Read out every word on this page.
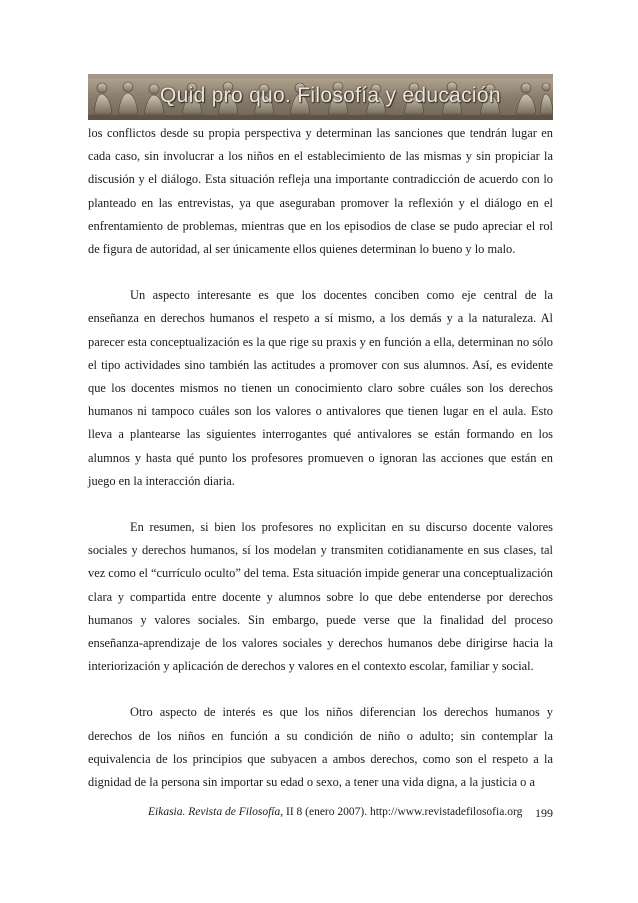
Quid pro quo. Filosofía y educación

los conflictos desde su propia perspectiva y determinan las sanciones que tendrán lugar en cada caso, sin involucrar a los niños en el establecimiento de las mismas y sin propiciar la discusión y el diálogo. Esta situación refleja una importante contradicción de acuerdo con lo planteado en las entrevistas, ya que aseguraban promover la reflexión y el diálogo en el enfrentamiento de problemas, mientras que en los episodios de clase se pudo apreciar el rol de figura de autoridad, al ser únicamente ellos quienes determinan lo bueno y lo malo.

Un aspecto interesante es que los docentes conciben como eje central de la enseñanza en derechos humanos el respeto a sí mismo, a los demás y a la naturaleza. Al parecer esta conceptualización es la que rige su praxis y en función a ella, determinan no sólo el tipo actividades sino también las actitudes a promover con sus alumnos. Así, es evidente que los docentes mismos no tienen un conocimiento claro sobre cuáles son los derechos humanos ni tampoco cuáles son los valores o antivalores que tienen lugar en el aula. Esto lleva a plantearse las siguientes interrogantes qué antivalores se están formando en los alumnos y hasta qué punto los profesores promueven o ignoran las acciones que están en juego en la interacción diaria.

En resumen, si bien los profesores no explicitan en su discurso docente valores sociales y derechos humanos, sí los modelan y transmiten cotidianamente en sus clases, tal vez como el “currículo oculto” del tema. Esta situación impide generar una conceptualización clara y compartida entre docente y alumnos sobre lo que debe entenderse por derechos humanos y valores sociales. Sin embargo, puede verse que la finalidad del proceso enseñanza-aprendizaje de los valores sociales y derechos humanos debe dirigirse hacia la interiorización y aplicación de derechos y valores en el contexto escolar, familiar y social.

Otro aspecto de interés es que los niños diferencian los derechos humanos y derechos de los niños en función a su condición de niño o adulto; sin contemplar la equivalencia de los principios que subyacen a ambos derechos, como son el respeto a la dignidad de la persona sin importar su edad o sexo, a tener una vida digna, a la justicia o a

Eikasia. Revista de Filosofía, II 8 (enero 2007). http://www.revistadefilosofia.org 199
